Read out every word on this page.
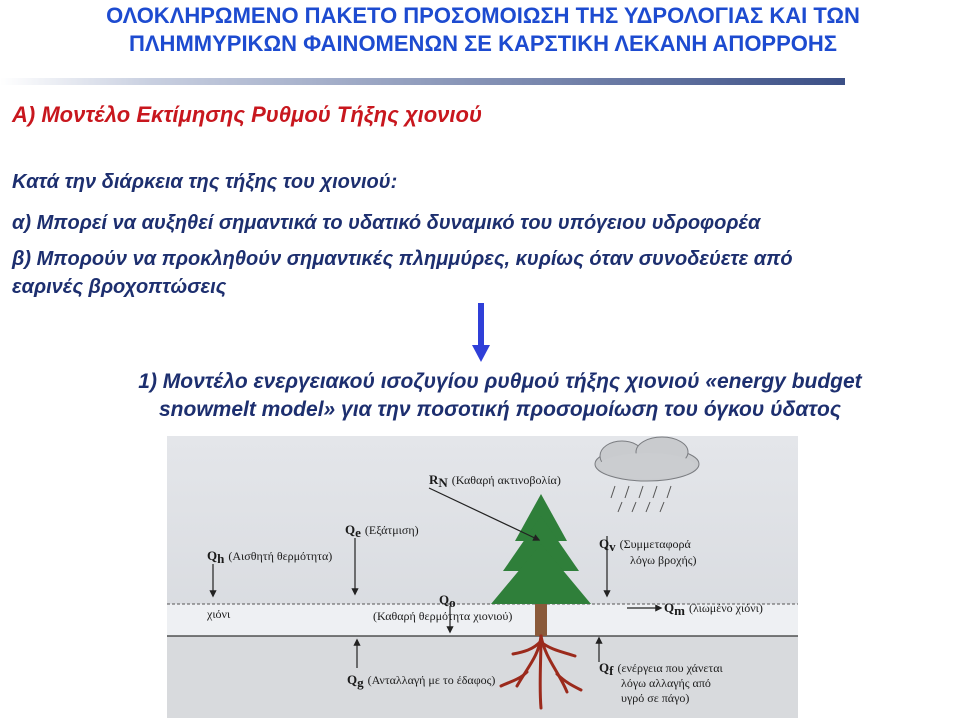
ΟΛΟΚΛΗΡΩΜΕΝΟ ΠΑΚΕΤΟ ΠΡΟΣΟΜΟΙΩΣΗ ΤΗΣ ΥΔΡΟΛΟΓΙΑΣ ΚΑΙ ΤΩΝ
ΠΛΗΜΜΥΡΙΚΩΝ ΦΑΙΝΟΜΕΝΩΝ ΣΕ ΚΑΡΣΤΙΚΗ ΛΕΚΑΝΗ ΑΠΟΡΡΟΗΣ
Α) Μοντέλο Εκτίμησης Ρυθμού Τήξης χιονιού
Κατά την διάρκεια της τήξης του χιονιού:
α) Μπορεί να αυξηθεί σημαντικά το υδατικό δυναμικό του υπόγειου υδροφορέα
β) Μπορούν να προκληθούν σημαντικές πλημμύρες, κυρίως όταν συνοδεύετε από
εαρινές βροχοπτώσεις
1) Μοντέλο ενεργειακού ισοζυγίου ρυθμού τήξης χιονιού «energy budget
snowmelt model» για την ποσοτική προσομοίωση του όγκου ύδατος
RN (Καθαρή ακτινοβολία)
Qe (Εξάτμιση)
Qh (Αισθητή θερμότητα)
Qv (Συμμεταφορά
λόγω βροχής)
χιόνι
Qo
(Καθαρή θερμότητα χιονιού)
Qm (λιωμένο χιόνι)
Qf (ενέργεια που χάνεται
λόγω αλλαγής από
υγρό σε πάγο)
Qg (Ανταλλαγή με το έδαφος)
